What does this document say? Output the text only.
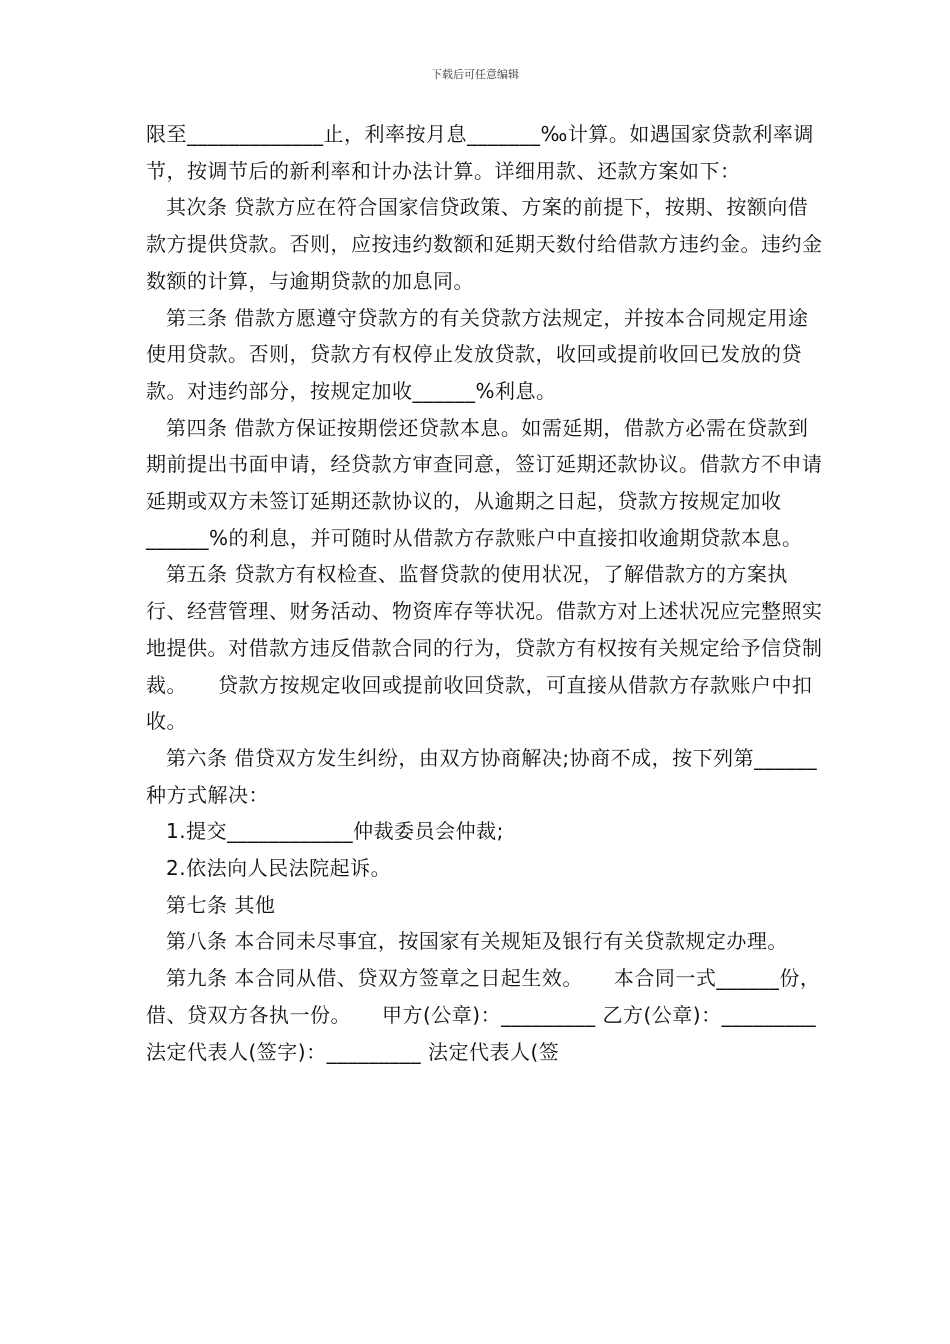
下载后可任意编辑

限至_____________止，利率按月息_______‰计算。如遇国家贷款利率调节，按调节后的新利率和计办法计算。详细用款、还款方案如下：

其次条 贷款方应在符合国家信贷政策、方案的前提下，按期、按额向借款方提供贷款。否则，应按违约数额和延期天数付给借款方违约金。违约金数额的计算，与逾期贷款的加息同。

第三条 借款方愿遵守贷款方的有关贷款方法规定，并按本合同规定用途使用贷款。否则，贷款方有权停止发放贷款，收回或提前收回已发放的贷款。对违约部分，按规定加收______%利息。

第四条 借款方保证按期偿还贷款本息。如需延期，借款方必需在贷款到期前提出书面申请，经贷款方审查同意，签订延期还款协议。借款方不申请延期或双方未签订延期还款协议的，从逾期之日起，贷款方按规定加收______%的利息，并可随时从借款方存款账户中直接扣收逾期贷款本息。

第五条 贷款方有权检查、监督贷款的使用状况，了解借款方的方案执行、经营管理、财务活动、物资库存等状况。借款方对上述状况应完整照实地提供。对借款方违反借款合同的行为，贷款方有权按有关规定给予信贷制裁。　　贷款方按规定收回或提前收回贷款，可直接从借款方存款账户中扣收。

第六条 借贷双方发生纠纷，由双方协商解决;协商不成，按下列第______种方式解决：

1.提交____________仲裁委员会仲裁;

2.依法向人民法院起诉。

第七条 其他

第八条 本合同未尽事宜，按国家有关规矩及银行有关贷款规定办理。

第九条 本合同从借、贷双方签章之日起生效。　　本合同一式______份，借、贷双方各执一份。　　甲方(公章)：_________ 乙方(公章)：_________　　法定代表人(签字)：_________ 法定代表人(签
